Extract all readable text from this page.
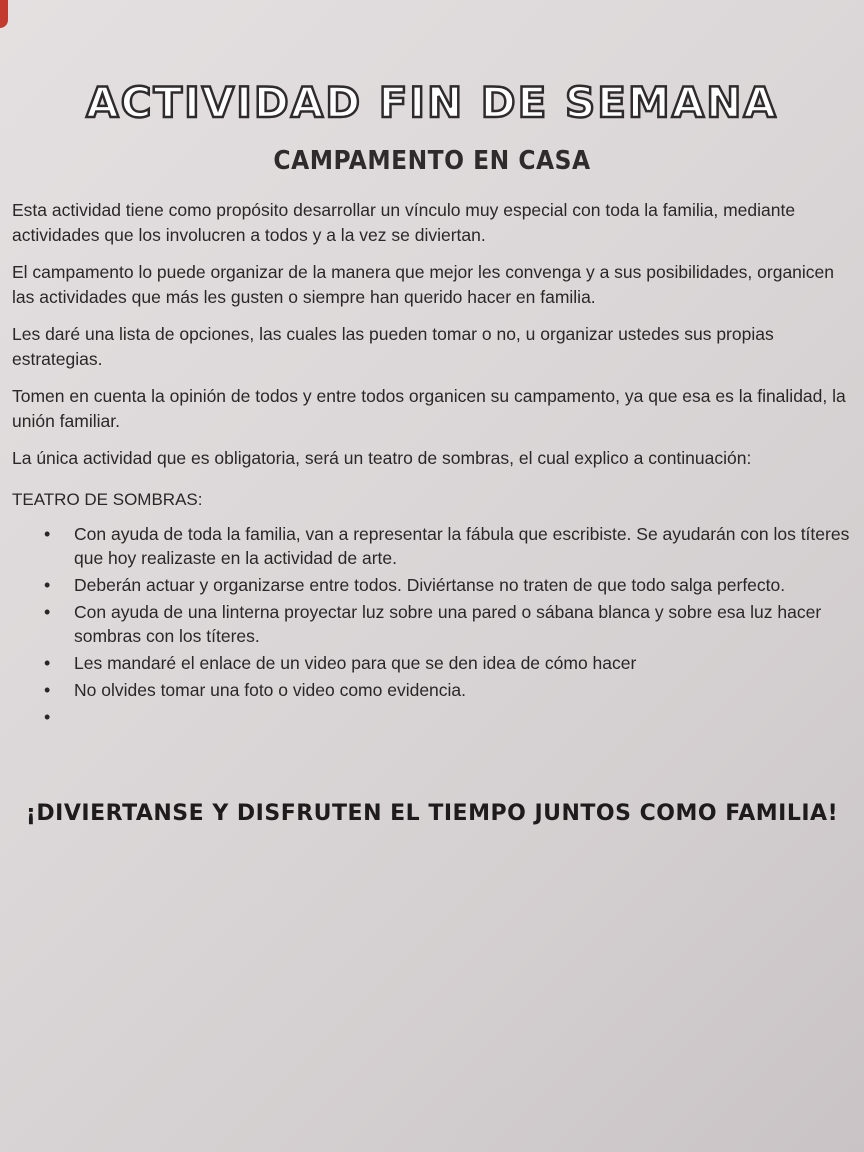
ACTIVIDAD FIN DE SEMANA
CAMPAMENTO EN CASA

Esta actividad tiene como propósito desarrollar un vínculo muy especial con toda la familia, mediante actividades que los involucren a todos y a la vez se diviertan.

El campamento lo puede organizar de la manera que mejor les convenga y a sus posibilidades, organicen las actividades que más les gusten o siempre han querido hacer en familia.

Les daré una lista de opciones, las cuales las pueden tomar o no, u organizar ustedes sus propias estrategias.

Tomen en cuenta la opinión de todos y entre todos organicen su campamento, ya que esa es la finalidad, la unión familiar.

La única actividad que es obligatoria, será un teatro de sombras, el cual explico a continuación:

TEATRO DE SOMBRAS:
• Con ayuda de toda la familia, van a representar la fábula que escribiste. Se ayudarán con los títeres que hoy realizaste en la actividad de arte.
• Deberán actuar y organizarse entre todos. Diviértanse no traten de que todo salga perfecto.
• Con ayuda de una linterna proyectar luz sobre una pared o sábana blanca y sobre esa luz hacer sombras con los títeres.
• Les mandaré el enlace de un video para que se den idea de cómo hacer
• No olvides tomar una foto o video como evidencia.
•

¡DIVIERTANSE Y DISFRUTEN EL TIEMPO JUNTOS COMO FAMILIA!
